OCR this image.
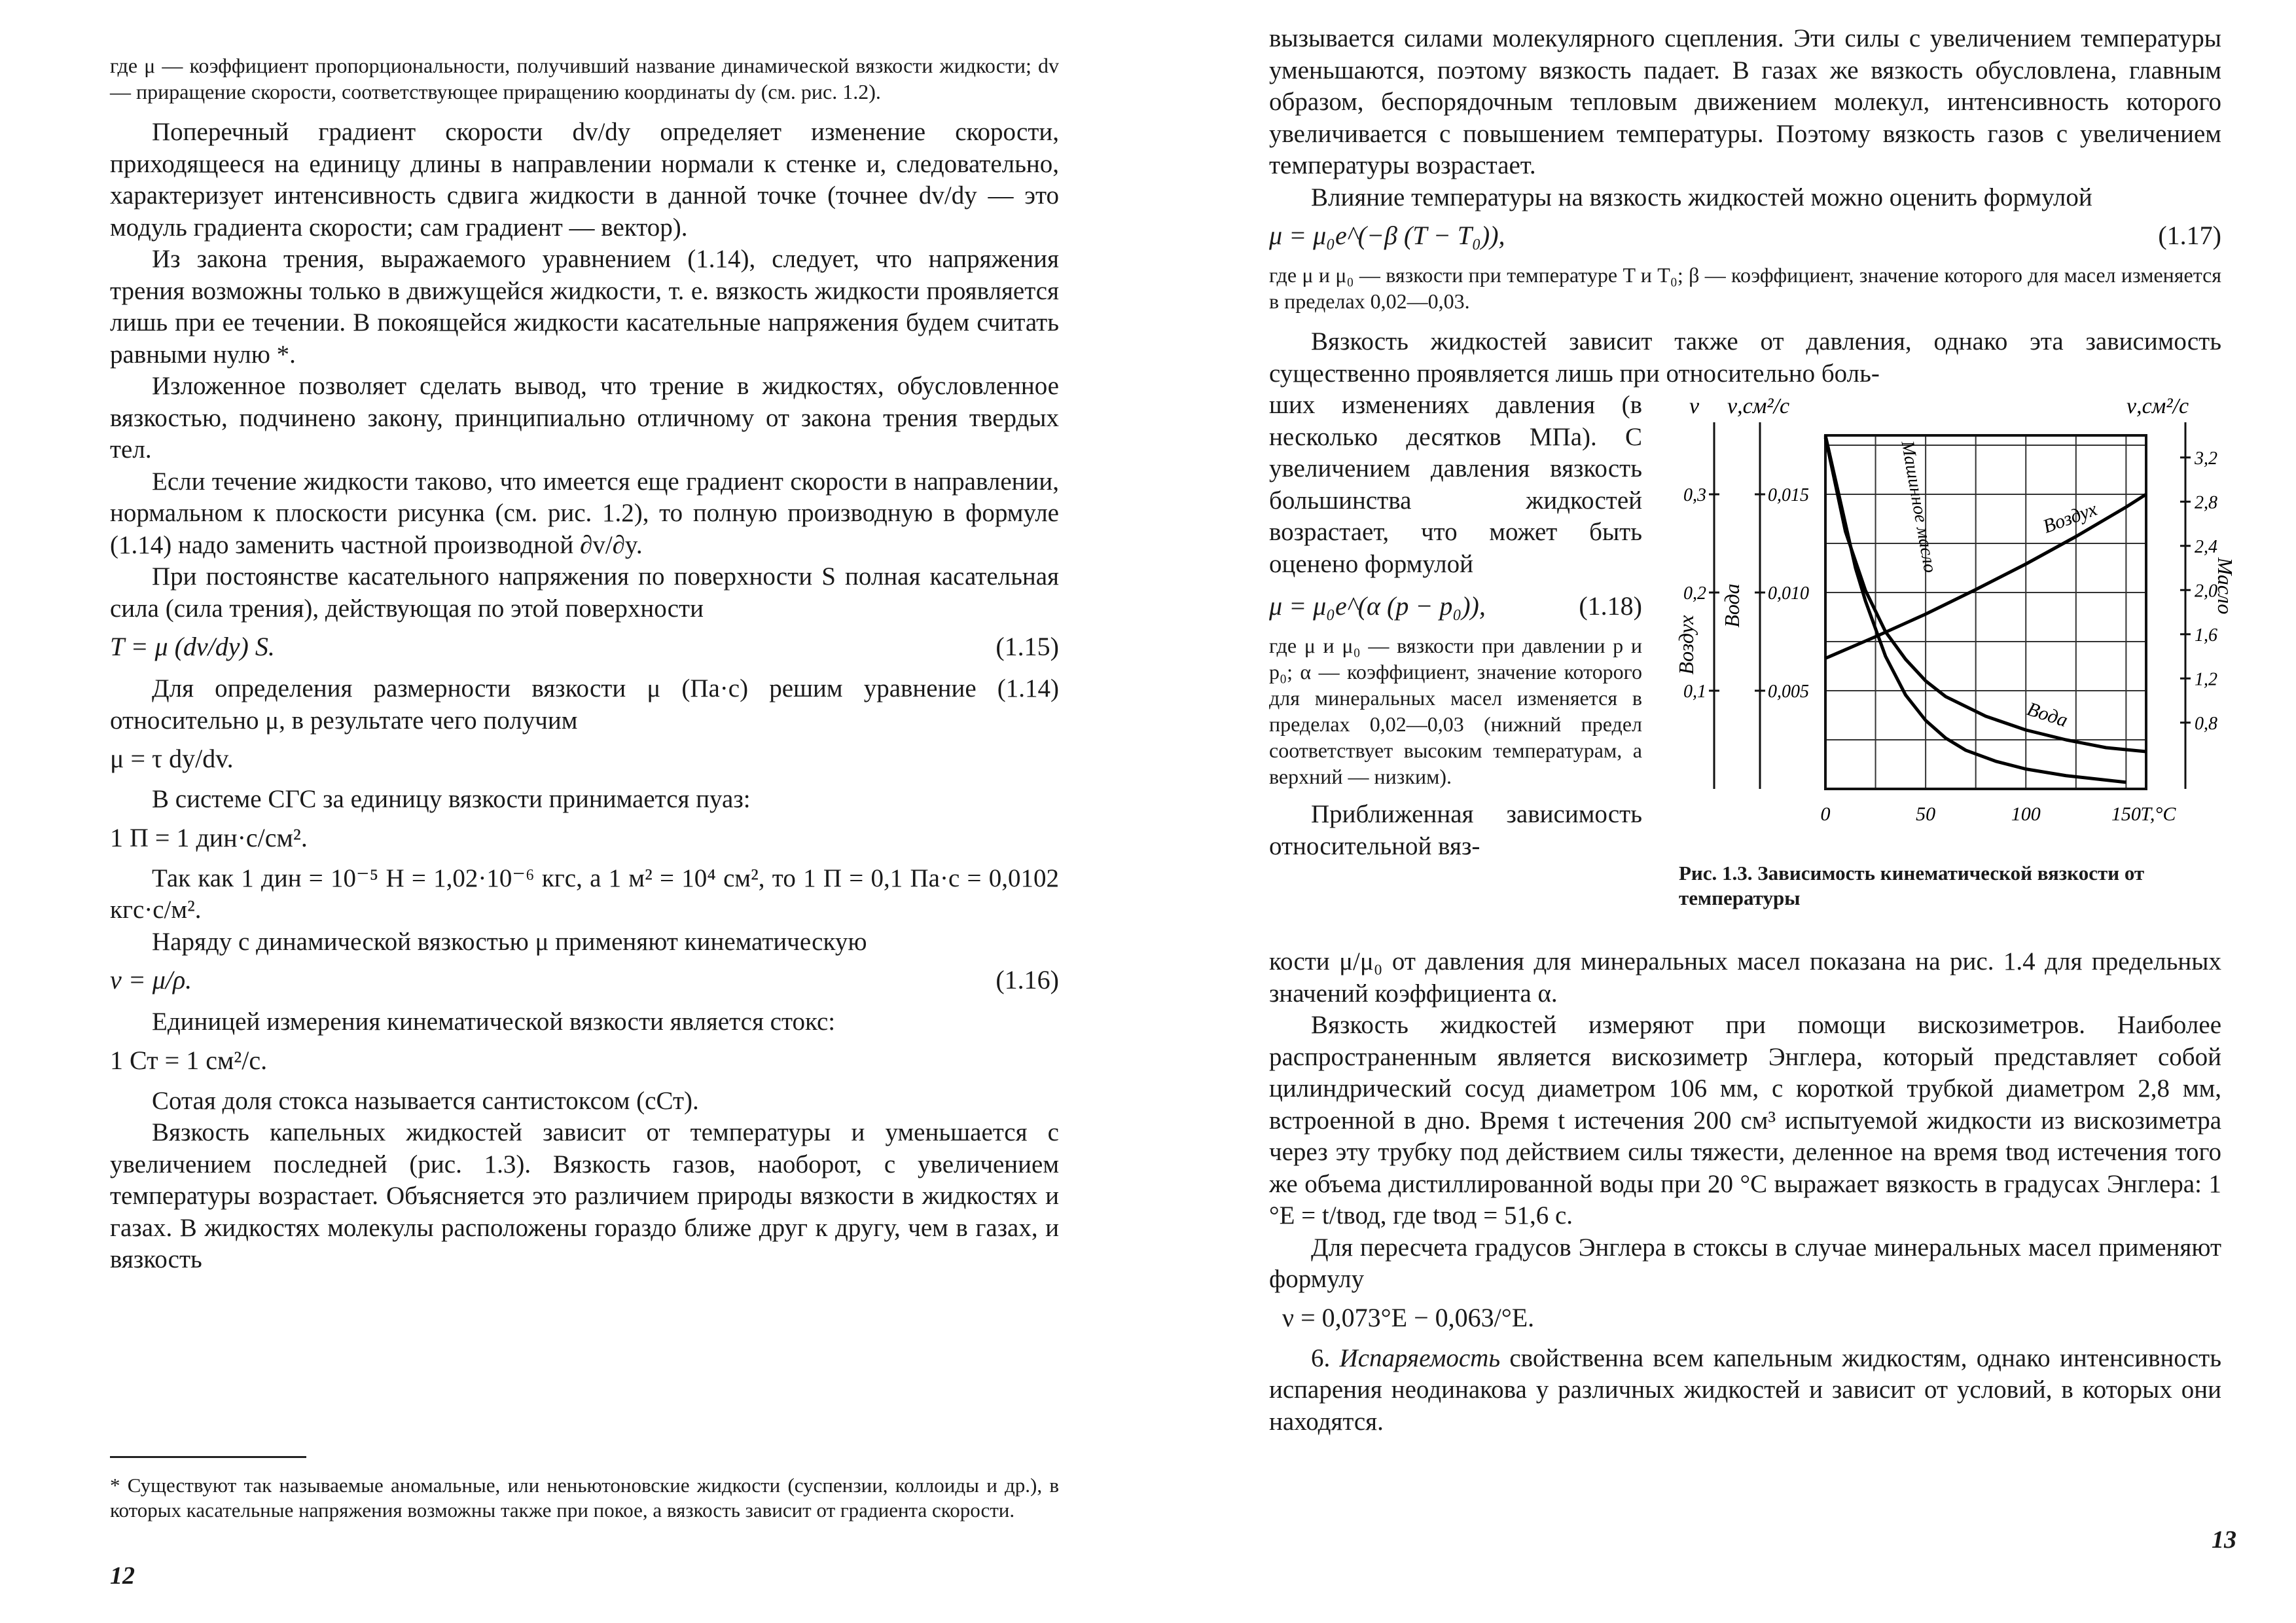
где μ — коэффициент пропорциональности, получивший название динамической вязкости жидкости; dv — приращение скорости, соответствующее приращению координаты dy (см. рис. 1.2).

Поперечный градиент скорости dv/dy определяет изменение скорости, приходящееся на единицу длины в направлении нормали к стенке и, следовательно, характеризует интенсивность сдвига жидкости в данной точке (точнее dv/dy — это модуль градиента скорости; сам градиент — вектор).

Из закона трения, выражаемого уравнением (1.14), следует, что напряжения трения возможны только в движущейся жидкости, т. е. вязкость жидкости проявляется лишь при ее течении. В покоящейся жидкости касательные напряжения будем считать равными нулю *.

Изложенное позволяет сделать вывод, что трение в жидкостях, обусловленное вязкостью, подчинено закону, принципиально отличному от закона трения твердых тел.

Если течение жидкости таково, что имеется еще градиент скорости в направлении, нормальном к плоскости рисунка (см. рис. 1.2), то полную производную в формуле (1.14) надо заменить частной производной ∂v/∂y.

При постоянстве касательного напряжения по поверхности S полная касательная сила (сила трения), действующая по этой поверхности

T = μ (dv/dy) S.	(1.15)

Для определения размерности вязкости μ (Па·с) решим уравнение (1.14) относительно μ, в результате чего получим

μ = τ dy/dv.

В системе СГС за единицу вязкости принимается пуаз:

1 П = 1 дин·с/см².

Так как 1 дин = 10⁻⁵ Н = 1,02·10⁻⁶ кгс, а 1 м² = 10⁴ см², то 1 П = 0,1 Па·с = 0,0102 кгс·с/м².

Наряду с динамической вязкостью μ применяют кинематическую

ν = μ/ρ.	(1.16)

Единицей измерения кинематической вязкости является стокс:

1 Ст = 1 см²/с.

Сотая доля стокса называется сантистоксом (сСт).

Вязкость капельных жидкостей зависит от температуры и уменьшается с увеличением последней (рис. 1.3). Вязкость газов, наоборот, с увеличением температуры возрастает. Объясняется это различием природы вязкости в жидкостях и газах. В жидкостях молекулы расположены гораздо ближе друг к другу, чем в газах, и вязкость

* Существуют так называемые аномальные, или неньютоновские жидкости (суспензии, коллоиды и др.), в которых касательные напряжения возможны также при покое, а вязкость зависит от градиента скорости.

12

вызывается силами молекулярного сцепления. Эти силы с увеличением температуры уменьшаются, поэтому вязкость падает. В газах же вязкость обусловлена, главным образом, беспорядочным тепловым движением молекул, интенсивность которого увеличивается с повышением температуры. Поэтому вязкость газов с увеличением температуры возрастает.

Влияние температуры на вязкость жидкостей можно оценить формулой

μ = μ₀e^(−β (T − T₀)),	(1.17)

где μ и μ₀ — вязкости при температуре T и T₀; β — коэффициент, значение которого для масел изменяется в пределах 0,02—0,03.

Вязкость жидкостей зависит также от давления, однако эта зависимость существенно проявляется лишь при относительно боль-

ших изменениях давления (в несколько десятков МПа). С увеличением давления вязкость большинства жидкостей возрастает, что может быть оценено формулой

μ = μ₀e^(α (p − p₀)),	(1.18)

где μ и μ₀ — вязкости при давлении p и p₀; α — коэффициент, значение которого для минеральных масел изменяется в пределах 0,02—0,03 (нижний предел соответствует высоким температурам, а верхний — низким).

Приближенная зависимость относительной вяз-

ν ν,см²/с	ν,см²/с
0,1
0,2
0,3
0,005
0,010
0,015
0,8
1,2
1,6
2,0
2,4
2,8
3,2
Воздух
Вода	Масло
0	50	100	150 T,°C
Воздух
Вода
Машинное масло

Рис. 1.3. Зависимость кинематической вязкости от температуры

кости μ/μ₀ от давления для минеральных масел показана на рис. 1.4 для предельных значений коэффициента α.

Вязкость жидкостей измеряют при помощи вискозиметров. Наиболее распространенным является вискозиметр Энглера, который представляет собой цилиндрический сосуд диаметром 106 мм, с короткой трубкой диаметром 2,8 мм, встроенной в дно. Время t истечения 200 см³ испытуемой жидкости из вискозиметра через эту трубку под действием силы тяжести, деленное на время tвод истечения того же объема дистиллированной воды при 20 °С выражает вязкость в градусах Энглера: 1 °Е = t/tвод, где tвод = 51,6 с.

Для пересчета градусов Энглера в стоксы в случае минеральных масел применяют формулу

ν = 0,073°Е − 0,063/°Е.

6. Испаряемость свойственна всем капельным жидкостям, однако интенсивность испарения неодинакова у различных жидкостей и зависит от условий, в которых они находятся.

13
